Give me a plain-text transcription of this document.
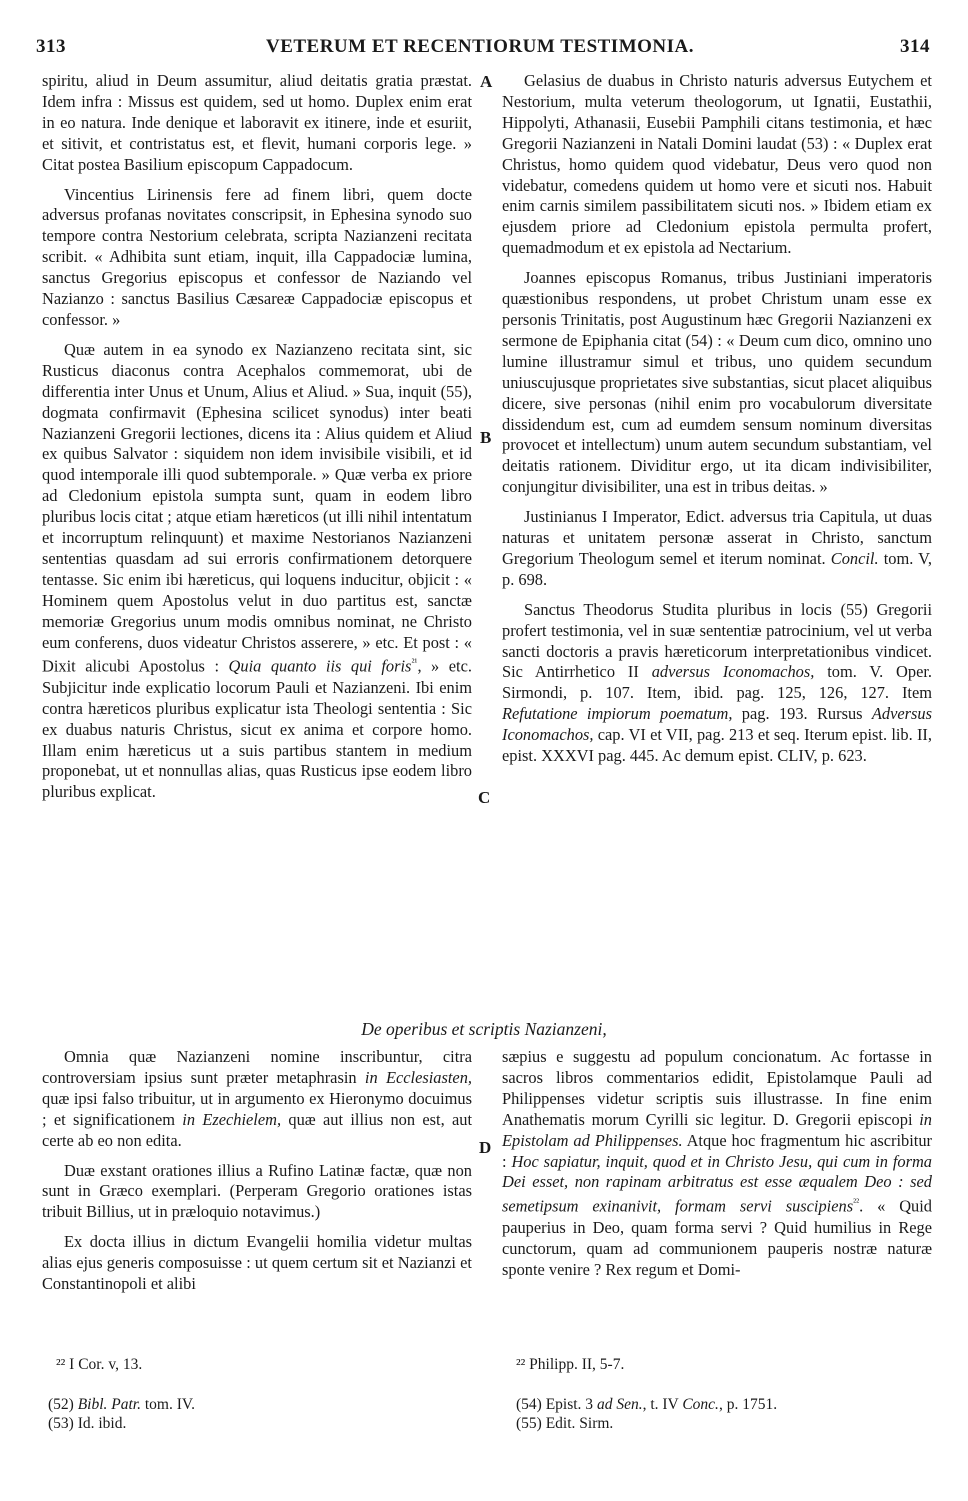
313	VETERUM ET RECENTIORUM TESTIMONIA.	314
A
B
C
D

spiritu, aliud in Deum assumitur, aliud deitatis gratia præstat. Idem infra : Missus est quidem, sed ut homo. Duplex enim erat in eo natura. Inde denique et laboravit ex itinere, inde et esuriit, et sitivit, et contristatus est, et flevit, humani corporis lege. » Citat postea Basilium episcopum Cappadocum.

Vincentius Lirinensis fere ad finem libri, quem docte adversus profanas novitates conscripsit, in Ephesina synodo suo tempore contra Nestorium celebrata, scripta Nazianzeni recitata scribit. « Adhibita sunt etiam, inquit, illa Cappadociæ lumina, sanctus Gregorius episcopus et confessor de Naziando vel Nazianzo : sanctus Basilius Cæsareæ Cappadociæ episcopus et confessor. »

Quæ autem in ea synodo ex Nazianzeno recitata sint, sic Rusticus diaconus contra Acephalos commemorat, ubi de differentia inter Unus et Unum, Alius et Aliud. » Sua, inquit (55), dogmata confirmavit (Ephesina scilicet synodus) inter beati Nazianzeni Gregorii lectiones, dicens ita : Alius quidem et Aliud ex quibus Salvator : siquidem non idem invisibile visibili, et id quod intemporale illi quod subtemporale. » Quæ verba ex priore ad Cledonium epistola sumpta sunt, quam in eodem libro pluribus locis citat ; atque etiam hæreticos (ut illi nihil intentatum et incorruptum relinquunt) et maxime Nestorianos Nazianzeni sententias quasdam ad sui erroris confirmationem detorquere tentasse. Sic enim ibi hæreticus, qui loquens inducitur, objicit : « Hominem quem Apostolus velut in duo partitus est, sanctæ memoriæ Gregorius unum modis omnibus nominat, ne Christo eum conferens, duos videatur Christos asserere, » etc. Et post : « Dixit alicubi Apostolus : Quia quanto iis qui foris$^{^{21}}$, » etc. Subjicitur inde explicatio locorum Pauli et Nazianzeni. Ibi enim contra hæreticos pluribus explicatur ista Theologi sententia : Sic ex duabus naturis Christus, sicut ex anima et corpore homo. Illam enim hæreticus ut a suis partibus stantem in medium proponebat, ut et nonnullas alias, quas Rusticus ipse eodem libro pluribus explicat.

Gelasius de duabus in Christo naturis adversus Eutychem et Nestorium, multa veterum theologorum, ut Ignatii, Eustathii, Hippolyti, Athanasii, Eusebii Pamphili citans testimonia, et hæc Gregorii Nazianzeni in Natali Domini laudat (53) : « Duplex erat Christus, homo quidem quod videbatur, Deus vero quod non videbatur, comedens quidem ut homo vere et sicuti nos. Habuit enim carnis similem passibilitatem sicuti nos. » Ibidem etiam ex ejusdem priore ad Cledonium epistola permulta profert, quemadmodum et ex epistola ad Nectarium.

Joannes episcopus Romanus, tribus Justiniani imperatoris quæstionibus respondens, ut probet Christum unam esse ex personis Trinitatis, post Augustinum hæc Gregorii Nazianzeni ex sermone de Epiphania citat (54) : « Deum cum dico, omnino uno lumine illustramur simul et tribus, uno quidem secundum uniuscujusque proprietates sive substantias, sicut placet aliquibus dicere, sive personas (nihil enim pro vocabulorum diversitate dissidendum est, cum ad eumdem sensum nominum diversitas provocet et intellectum) unum autem secundum substantiam, vel deitatis rationem. Dividitur ergo, ut ita dicam indivisibiliter, conjungitur divisibiliter, una est in tribus deitas. »

Justinianus I Imperator, Edict. adversus tria Capitula, ut duas naturas et unitatem personæ asserat in Christo, sanctum Gregorium Theologum semel et iterum nominat. Concil. tom. V, p. 698.

Sanctus Theodorus Studita pluribus in locis (55) Gregorii profert testimonia, vel in suæ sententiæ patrocinium, vel ut verba sancti doctoris a pravis hæreticorum interpretationibus vindicet. Sic Antirrhetico II adversus Iconomachos, tom. V. Oper. Sirmondi, p. 107. Item, ibid. pag. 125, 126, 127. Item Refutatione impiorum poematum, pag. 193. Rursus Adversus Iconomachos, cap. VI et VII, pag. 213 et seq. Iterum epist. lib. II, epist. XXXVI pag. 445. Ac demum epist. CLIV, p. 623.

De operibus et scriptis Nazianzeni,

Omnia quæ Nazianzeni nomine inscribuntur, citra controversiam ipsius sunt præter metaphrasin in Ecclesiasten, quæ ipsi falso tribuitur, ut in argumento ex Hieronymo docuimus ; et significationem in Ezechielem, quæ aut illius non est, aut certe ab eo non edita.

Duæ exstant orationes illius a Rufino Latinæ factæ, quæ non sunt in Græco exemplari. (Perperam Gregorio orationes istas tribuit Billius, ut in præloquio notavimus.)

Ex docta illius in dictum Evangelii homilia videtur multas alias ejus generis composuisse : ut quem certum sit et Nazianzi et Constantinopoli et alibi

sæpius e suggestu ad populum concionatum. Ac fortasse in sacros libros commentarios edidit, Epistolamque Pauli ad Philippenses videtur scriptis suis illustrasse. In fine enim Anathematis morum Cyrilli sic legitur. D. Gregorii episcopi in Epistolam ad Philippenses. Atque hoc fragmentum hic ascribitur : Hoc sapiatur, inquit, quod et in Christo Jesu, qui cum in forma Dei esset, non rapinam arbitratus est esse æqualem Deo : sed semetipsum exinanivit, formam servi suscipiens$^{^{22}}$. « Quid pauperius in Deo, quam forma servi ? Quid humilius in Rege cunctorum, quam ad communionem pauperis nostræ naturæ sponte venire ? Rex regum et Domi-

²² I Cor. v, 13.	²² Philipp. II, 5-7.

(52) Bibl. Patr. tom. IV.

(53) Id. ibid.

(54) Epist. 3 ad Sen., t. IV Conc., p. 1751.

(55) Edit. Sirm.
